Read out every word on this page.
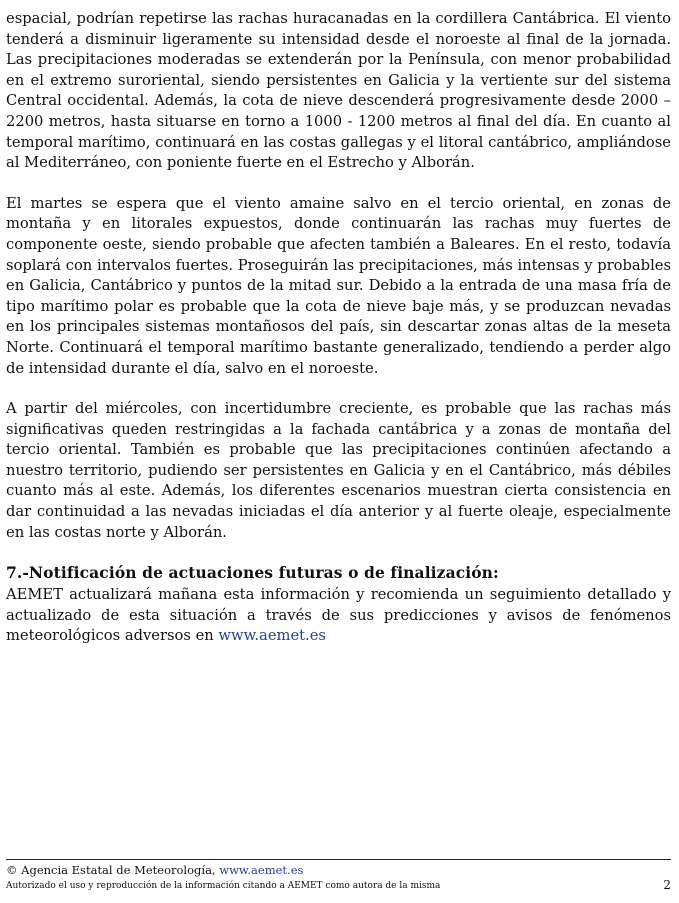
espacial, podrían repetirse las rachas huracanadas en la cordillera Cantábrica. El viento tenderá a disminuir ligeramente su intensidad desde el noroeste al final de la jornada. Las precipitaciones moderadas se extenderán por la Península, con menor probabilidad en el extremo suroriental, siendo persistentes en Galicia y la vertiente sur del sistema Central occidental. Además, la cota de nieve descenderá progresivamente desde 2000 – 2200 metros, hasta situarse en torno a 1000 - 1200 metros al final del día. En cuanto al temporal marítimo, continuará en las costas gallegas y el litoral cantábrico, ampliándose al Mediterráneo, con poniente fuerte en el Estrecho y Alborán.

El martes se espera que el viento amaine salvo en el tercio oriental, en zonas de montaña y en litorales expuestos, donde continuarán las rachas muy fuertes de componente oeste, siendo probable que afecten también a Baleares. En el resto, todavía soplará con intervalos fuertes. Proseguirán las precipitaciones, más intensas y probables en Galicia, Cantábrico y puntos de la mitad sur. Debido a la entrada de una masa fría de tipo marítimo polar es probable que la cota de nieve baje más, y se produzcan nevadas en los principales sistemas montañosos del país, sin descartar zonas altas de la meseta Norte. Continuará el temporal marítimo bastante generalizado, tendiendo a perder algo de intensidad durante el día, salvo en el noroeste.

A partir del miércoles, con incertidumbre creciente, es probable que las rachas más significativas queden restringidas a la fachada cantábrica y a zonas de montaña del tercio oriental. También es probable que las precipitaciones continúen afectando a nuestro territorio, pudiendo ser persistentes en Galicia y en el Cantábrico, más débiles cuanto más al este. Además, los diferentes escenarios muestran cierta consistencia en dar continuidad a las nevadas iniciadas el día anterior y al fuerte oleaje, especialmente en las costas norte y Alborán.

7.-Notificación de actuaciones futuras o de finalización:

AEMET actualizará mañana esta información y recomienda un seguimiento detallado y actualizado de esta situación a través de sus predicciones y avisos de fenómenos meteorológicos adversos en www.aemet.es

© Agencia Estatal de Meteorología, www.aemet.es
Autorizado el uso y reproducción de la información citando a AEMET como autora de la misma	2
